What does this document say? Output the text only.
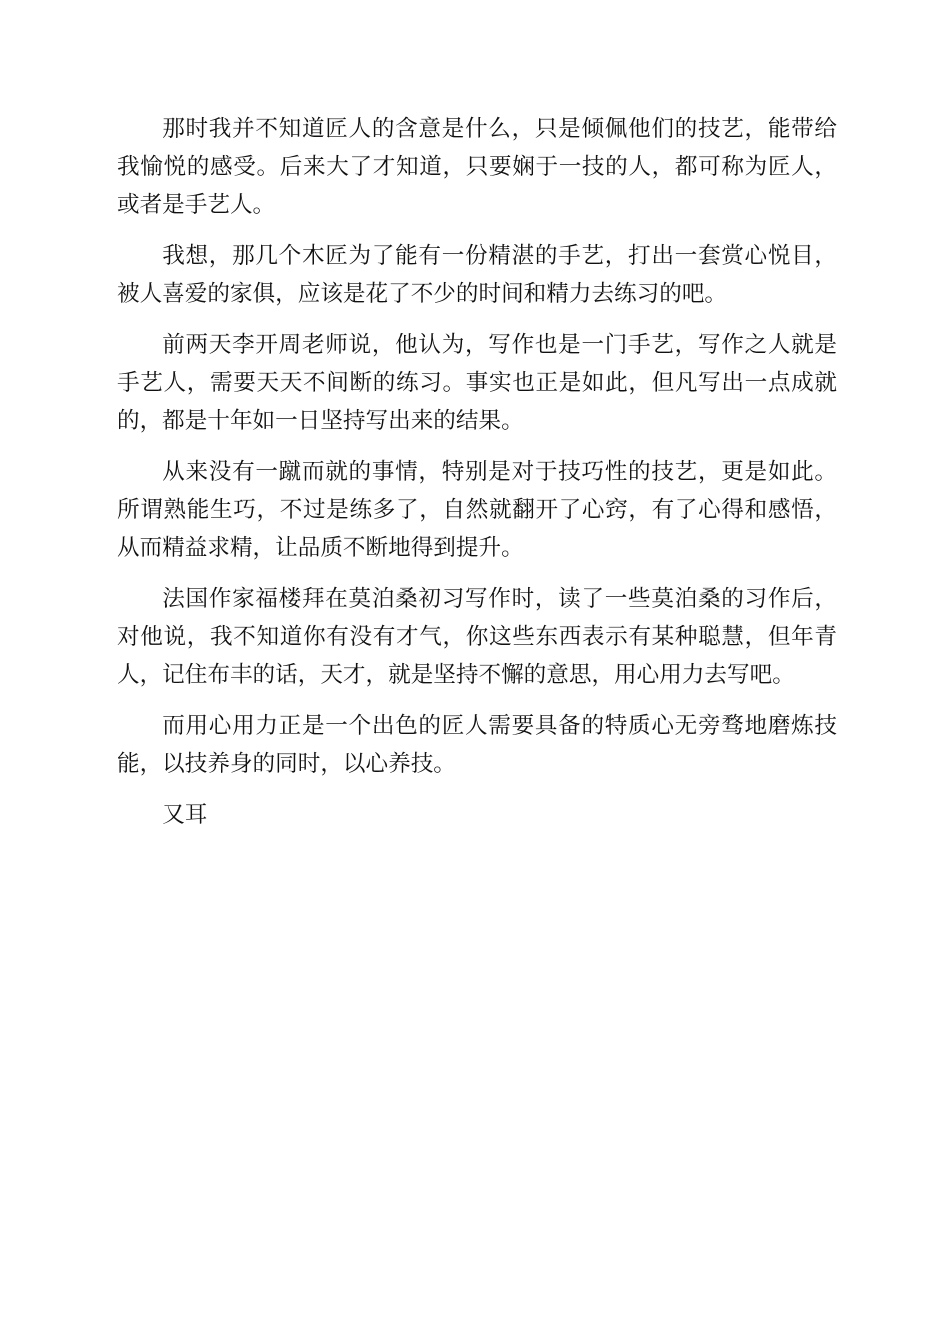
那时我并不知道匠人的含意是什么，只是倾佩他们的技艺，能带给我愉悦的感受。后来大了才知道，只要娴于一技的人，都可称为匠人，或者是手艺人。

我想，那几个木匠为了能有一份精湛的手艺，打出一套赏心悦目，被人喜爱的家俱，应该是花了不少的时间和精力去练习的吧。

前两天李开周老师说，他认为，写作也是一门手艺，写作之人就是手艺人，需要天天不间断的练习。事实也正是如此，但凡写出一点成就的，都是十年如一日坚持写出来的结果。

从来没有一蹴而就的事情，特别是对于技巧性的技艺，更是如此。所谓熟能生巧，不过是练多了，自然就翻开了心窍，有了心得和感悟，从而精益求精，让品质不断地得到提升。

法国作家福楼拜在莫泊桑初习写作时，读了一些莫泊桑的习作后，对他说，我不知道你有没有才气，你这些东西表示有某种聪慧，但年青人，记住布丰的话，天才，就是坚持不懈的意思，用心用力去写吧。

而用心用力正是一个出色的匠人需要具备的特质心无旁骛地磨炼技能，以技养身的同时，以心养技。

又耳
